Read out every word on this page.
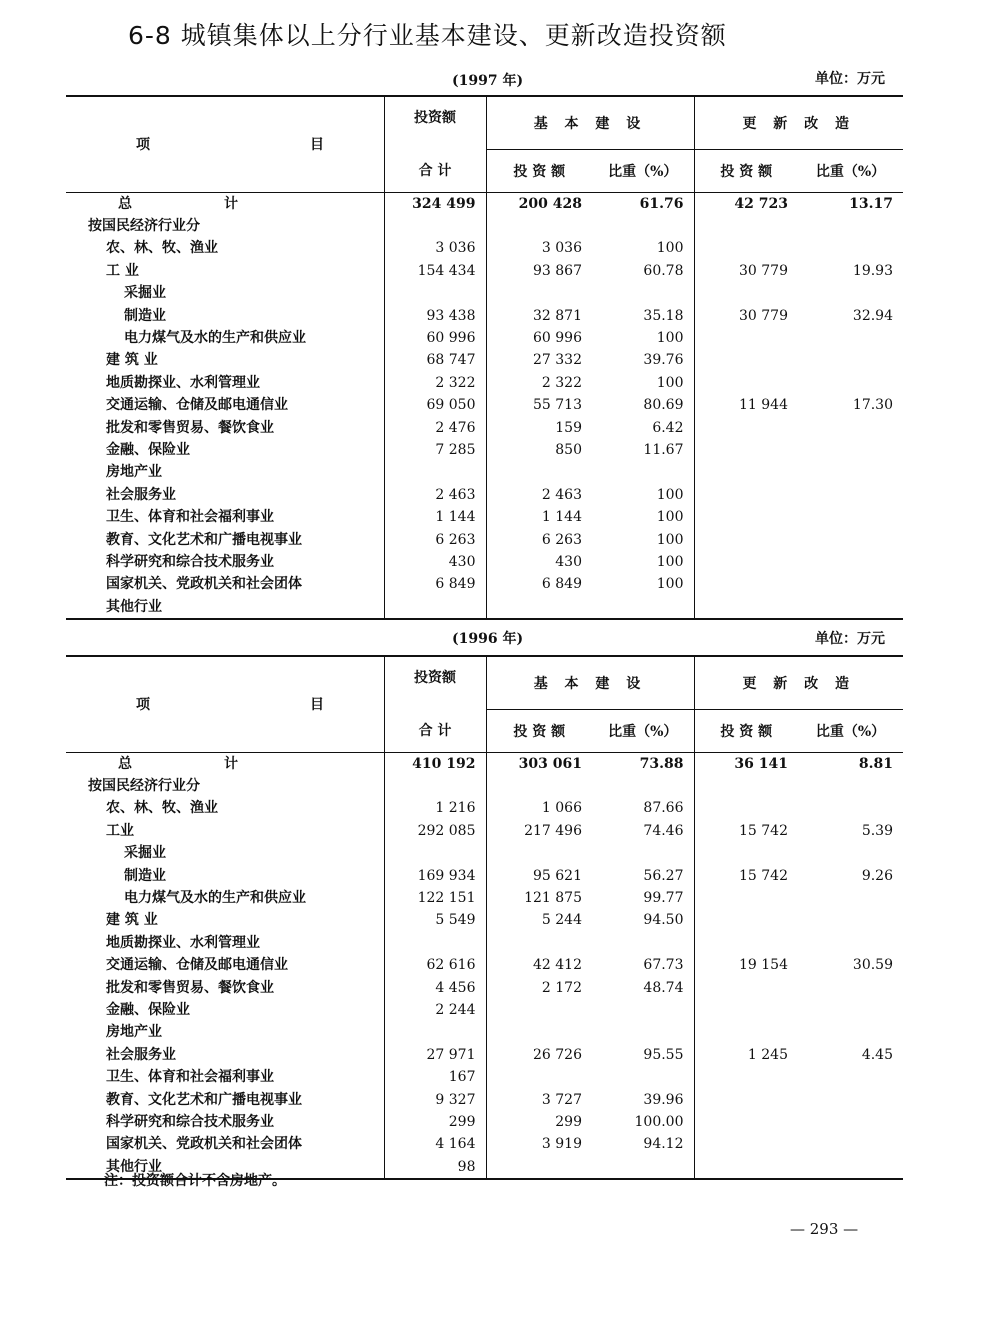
6-8 城镇集体以上分行业基本建设、更新改造投资额
(1997 年)	单位：万元
项 目	投资额	基 本 建 设		更 新 改 造	
	合 计	投 资 额	比重（%）	投 资 额	比重（%）
总 计	324 499	200 428	61.76	42 723	13.17
按国民经济行业分					
农、林、牧、渔业	3 036	3 036	100		
工 业	154 434	93 867	60.78	30 779	19.93
采掘业					
制造业	93 438	32 871	35.18	30 779	32.94
电力煤气及水的生产和供应业	60 996	60 996	100		
建 筑 业	68 747	27 332	39.76		
地质勘探业、水利管理业	2 322	2 322	100		
交通运输、仓储及邮电通信业	69 050	55 713	80.69	11 944	17.30
批发和零售贸易、餐饮食业	2 476	159	6.42		
金融、保险业	7 285	850	11.67		
房地产业					
社会服务业	2 463	2 463	100		
卫生、体育和社会福利事业	1 144	1 144	100		
教育、文化艺术和广播电视事业	6 263	6 263	100		
科学研究和综合技术服务业	430	430	100		
国家机关、党政机关和社会团体	6 849	6 849	100		
其他行业					
(1996 年)	单位：万元
项 目	投资额	基 本 建 设		更 新 改 造	
	合 计	投 资 额	比重（%）	投 资 额	比重（%）
总 计	410 192	303 061	73.88	36 141	8.81
按国民经济行业分					
农、林、牧、渔业	1 216	1 066	87.66		
工业	292 085	217 496	74.46	15 742	5.39
采掘业					
制造业	169 934	95 621	56.27	15 742	9.26
电力煤气及水的生产和供应业	122 151	121 875	99.77		
建 筑 业	5 549	5 244	94.50		
地质勘探业、水利管理业					
交通运输、仓储及邮电通信业	62 616	42 412	67.73	19 154	30.59
批发和零售贸易、餐饮食业	4 456	2 172	48.74		
金融、保险业	2 244				
房地产业					
社会服务业	27 971	26 726	95.55	1 245	4.45
卫生、体育和社会福利事业	167				
教育、文化艺术和广播电视事业	9 327	3 727	39.96		
科学研究和综合技术服务业	299	299	100.00		
国家机关、党政机关和社会团体	4 164	3 919	94.12		
其他行业	98				
注：投资额合计不含房地产。
— 293 —
